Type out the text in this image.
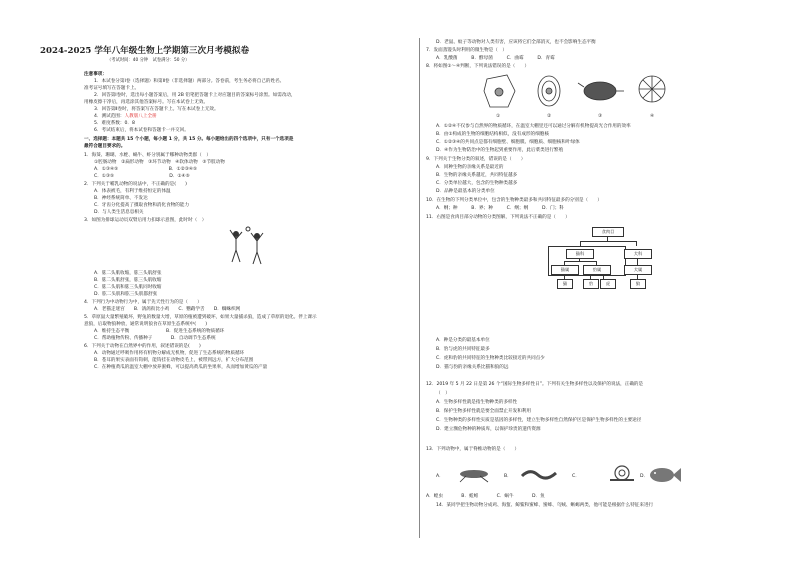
2024-2025 学年八年级生物上学期第三次月考模拟卷
（考试时间：40 分钟　试卷满分：50 分）
注意事项：
1．本试卷分第Ⅰ卷（选择题）和第Ⅱ卷（非选择题）两部分。答卷前，考生务必将自己的姓名、
准考证号填写在答题卡上。
2．回答第Ⅰ卷时，选出每小题答案后，用 2B 铅笔把答题卡上对应题目的答案标号涂黑。如需改动，
用橡皮擦干净后，再选涂其他答案标号。写在本试卷上无效。
3．回答第Ⅱ卷时，将答案写在答题卡上。写在本试卷上无效。
4．测试范围：人教版八上全册
5．难度系数：0．8
6．考试结束后，将本试卷和答题卡一并交回。
一、选择题：本题共 15 个小题，每小题 1 分，共 15 分。每小题给出的四个选项中，只有一个选项是
最符合题目要求的。
1．海葵、珊瑚、水蛭、蜗牛、虾分别属于哪种动物类群（　）
①腔肠动物　②扁形动物　③环节动物　④软体动物　⑤节肢动物
A．①③④⑤　　　　　　　　　　　B．①②③④⑤
C．①③⑤　　　　　　　　　　　　D．①④⑤
2．下列关于哺乳动物的说法中，不正确的是(　　)
A．体表被毛，有利于维持恒定的体温
B．神经系统简单、不发达
C．牙齿分化提高了摄取食物和消化食物的能力
D．与人类生活息息相关
3．如图为排球运动员双臂后用力扣球示意图，此时时（　）
A．肱二头肌收缩，肱三头肌舒张
B．肱二头肌舒张，肱三头肌收缩
C．肱二头肌和肱三头肌同时收缩
D．肱二头肌和肱三头肌都舒张
4．下列行为中动物行为中，属于先天性行为的是（　　）
A．老猫走迷宫　　B．鸽鸽衔比小鸡　　C．鹦鹉学舌　　D．蜘蛛织网
5．草原鼠大量繁殖破坏，野兔的数量大增，草原的植被遭到破坏，如果大量捕杀狼，造成了草原的退化。伴上课示
意狼，后取物狼种放，通常说明狼食在草原生态系统中(　　)
A．维持生态平衡　　　　　　　　B．促进生态系统的物质循环
C．帮助植物传粉、传播种子　　　　D．自动调节生态系统
6．下列关于动物在自然界中的作用，叙述错误的是(　　)
A．动物通过呼吸作用将有机物分解成无机物，促进了生态系统的物质循环
B．苍耳的果实表面有钩刺，能钩挂在动物皮毛上，被带到远方，扩大分布范围
C．在种植黄瓜的温室大棚中放养蜜蜂，可以提高黄瓜的坐果率，从而增加黄瓜的产量
D．老鼠、蚊子等动物对人类有害，应该将它们全部消灭，也不会影响生态平衡
7．发面蒸馒头时利用的微生物是（　）
A．乳酸菌　　　B．酵母菌　　　C．曲霉　　　D．青霉
8．将如图①～④判断，下列说法错误的是（　　）
①	②	③	④
A．①②④不仅参与自然界的物质循环，在温室大棚里还可以通过分解有机物提高光合作用的效率
B．由①构成的生物的细胞结构相似，没有成形的细胞核
C．①②③④的共同点是都有细胞壁、细胞膜、细胞质、细胞核和叶绿体
D．④作为生物防治中的生物起到重要作用，此后菜类进行繁殖
9．下列关于生物分类的叙述，错误的是（　　）
A．同种生物的亲缘关系是最近的
B．生物的亲缘关系越近，共同特征越多
C．分类单位越大，包含的生物种类越多
D．品种是最基本的分类单位
10．在生物的下列分类单位中，包含的生物种类最多和共同特征最多的分别是（　　）
A．纲；种　　　B．界；种　　　C．纲；纲　　　D．门；科
11．右图是食肉目部分动物的分类图解，下列说法不正确的是（　　）
食肉目
猫科	犬科
猫属	豹属	犬属
猫	豹	虎	狼
A．种是分类的最基本单位
B．豹与虎的共同特征最多
C．虎和豹的共同特征的生物种类比较接近的共同点少
D．猫与豹的亲缘关系比猫和狼的远
12．2019 年 5 月 22 日是第 26 个“国际生物多样性日”。下列有关生物多样性以及保护的说法，正确的是
（　）
A．生物多样性就是指生物种类的多样性
B．保护生物多样性就是要全面禁止开发和利用
C．生物种类的多样性实质是基因的多样性，建立生物多样性自然保护区是保护生物多样性的主要途径
D．建立濒危物种的种质库，以保护珍贵的遗传资源
13．下列动物中，属于脊椎动物的是（　　）
A．	B．	C．	D．
A．蝗虫　　　　B．蚯蚓　　　　C．蜗牛　　　　D．鱼
14．某同学把生物动物分成鸡、海蜇、鲸鲨和蜜蜂、蜜蜂、乌贼、蜥蜴两类，他可能是根据什么特征来进行
